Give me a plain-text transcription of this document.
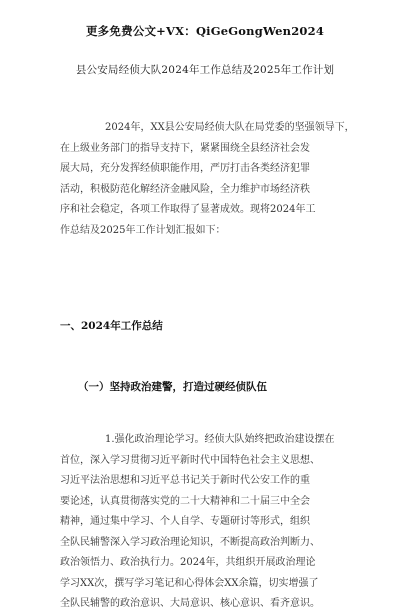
更多免费公文+VX：QiGeGongWen2024
县公安局经侦大队2024年工作总结及2025年工作计划
2024年，XX县公安局经侦大队在局党委的坚强领导下，
在上级业务部门的指导支持下，紧紧围绕全县经济社会发
展大局，充分发挥经侦职能作用，严厉打击各类经济犯罪
活动，积极防范化解经济金融风险，全力维护市场经济秩
序和社会稳定，各项工作取得了显著成效。现将2024年工
作总结及2025年工作计划汇报如下：
一、2024年工作总结
（一）坚持政治建警，打造过硬经侦队伍
1.强化政治理论学习。经侦大队始终把政治建设摆在
首位，深入学习贯彻习近平新时代中国特色社会主义思想、
习近平法治思想和习近平总书记关于新时代公安工作的重
要论述，认真贯彻落实党的二十大精神和二十届三中全会
精神，通过集中学习、个人自学、专题研讨等形式，组织
全队民辅警深入学习政治理论知识，不断提高政治判断力、
政治领悟力、政治执行力。2024年，共组织开展政治理论
学习XX次，撰写学习笔记和心得体会XX余篇，切实增强了
全队民辅警的政治意识、大局意识、核心意识、看齐意识。
